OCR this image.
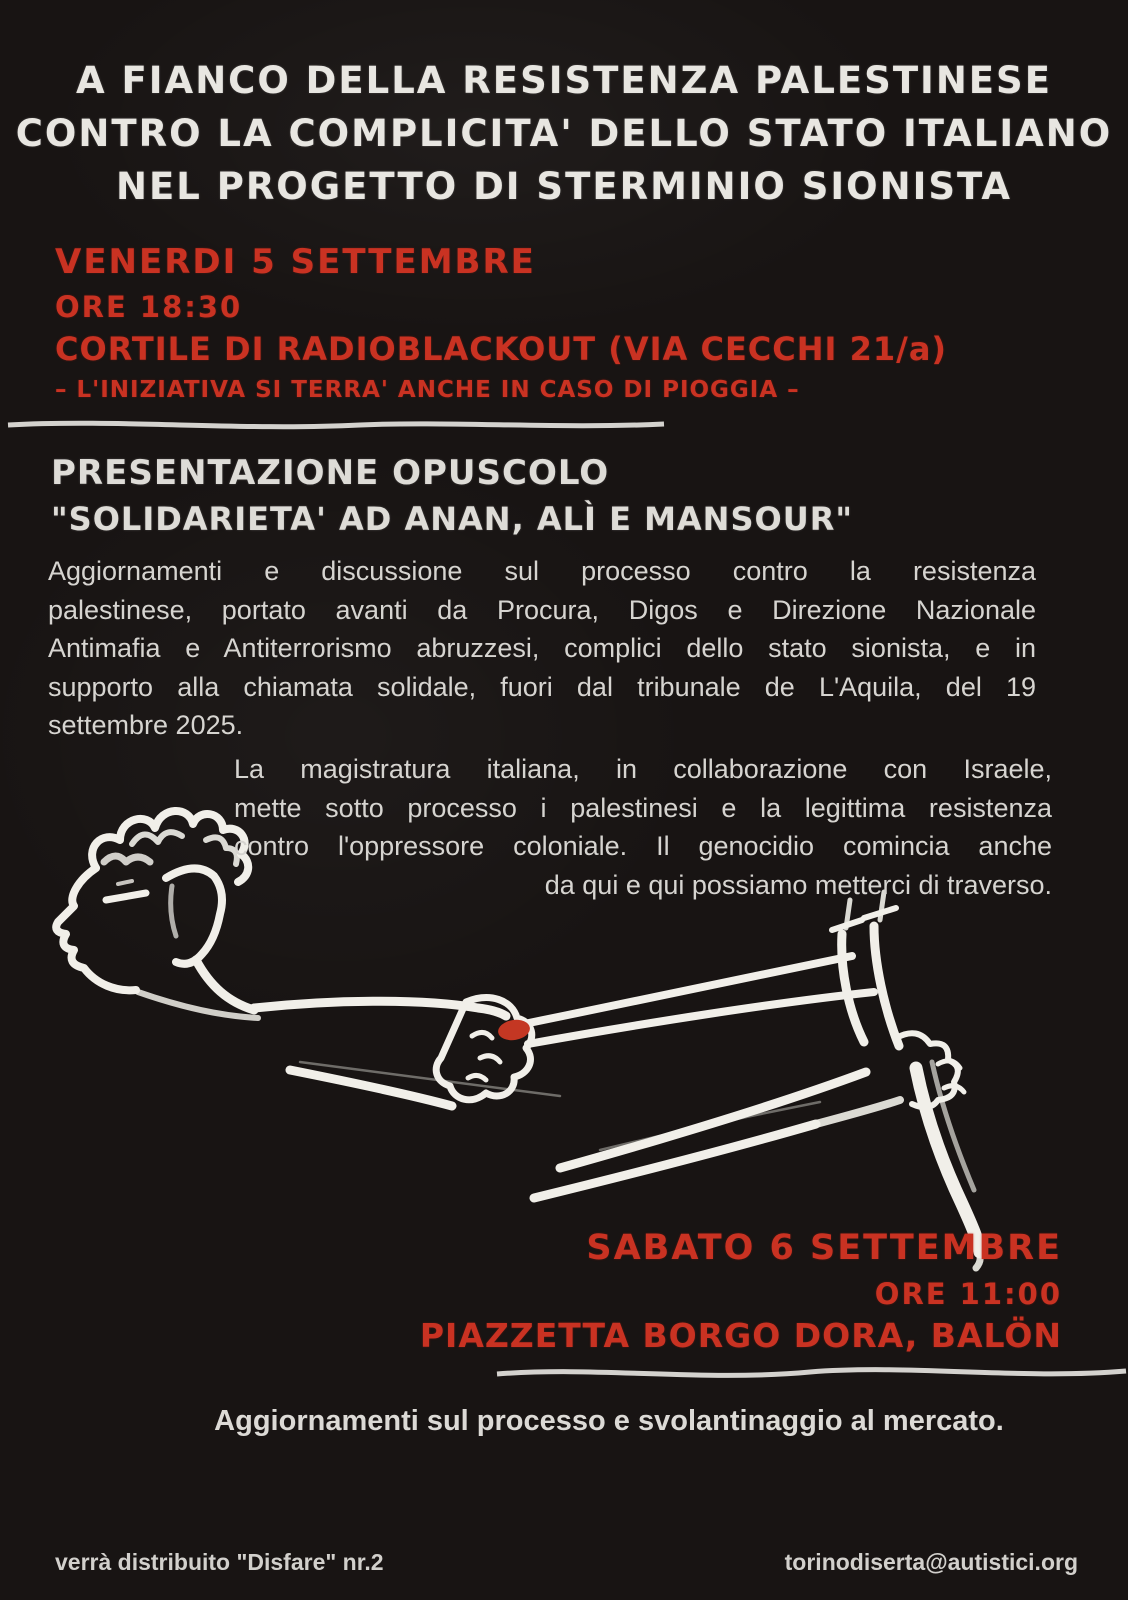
A FIANCO DELLA RESISTENZA PALESTINESE
CONTRO LA COMPLICITA' DELLO STATO ITALIANO
NEL PROGETTO DI STERMINIO SIONISTA
VENERDI 5 SETTEMBRE
ORE 18:30
CORTILE DI RADIOBLACKOUT (VIA CECCHI 21/a)
– L'INIZIATIVA SI TERRA' ANCHE IN CASO DI PIOGGIA –
PRESENTAZIONE OPUSCOLO
"SOLIDARIETA' AD ANAN, ALÌ E MANSOUR"
Aggiornamenti e discussione sul processo contro la resistenza
palestinese, portato avanti da Procura, Digos e Direzione Nazionale
Antimafia e Antiterrorismo abruzzesi, complici dello stato sionista, e in
supporto alla chiamata solidale, fuori dal tribunale de L'Aquila, del 19
settembre 2025.
La magistratura italiana, in collaborazione con Israele,
mette sotto processo i palestinesi e la legittima resistenza
contro l'oppressore coloniale. Il genocidio comincia anche
da qui e qui possiamo metterci di traverso.
SABATO 6 SETTEMBRE
ORE 11:00
PIAZZETTA BORGO DORA, BALÖN
Aggiornamenti sul processo e svolantinaggio al mercato.
verrà distribuito "Disfare" nr.2	torinodiserta@autistici.org
